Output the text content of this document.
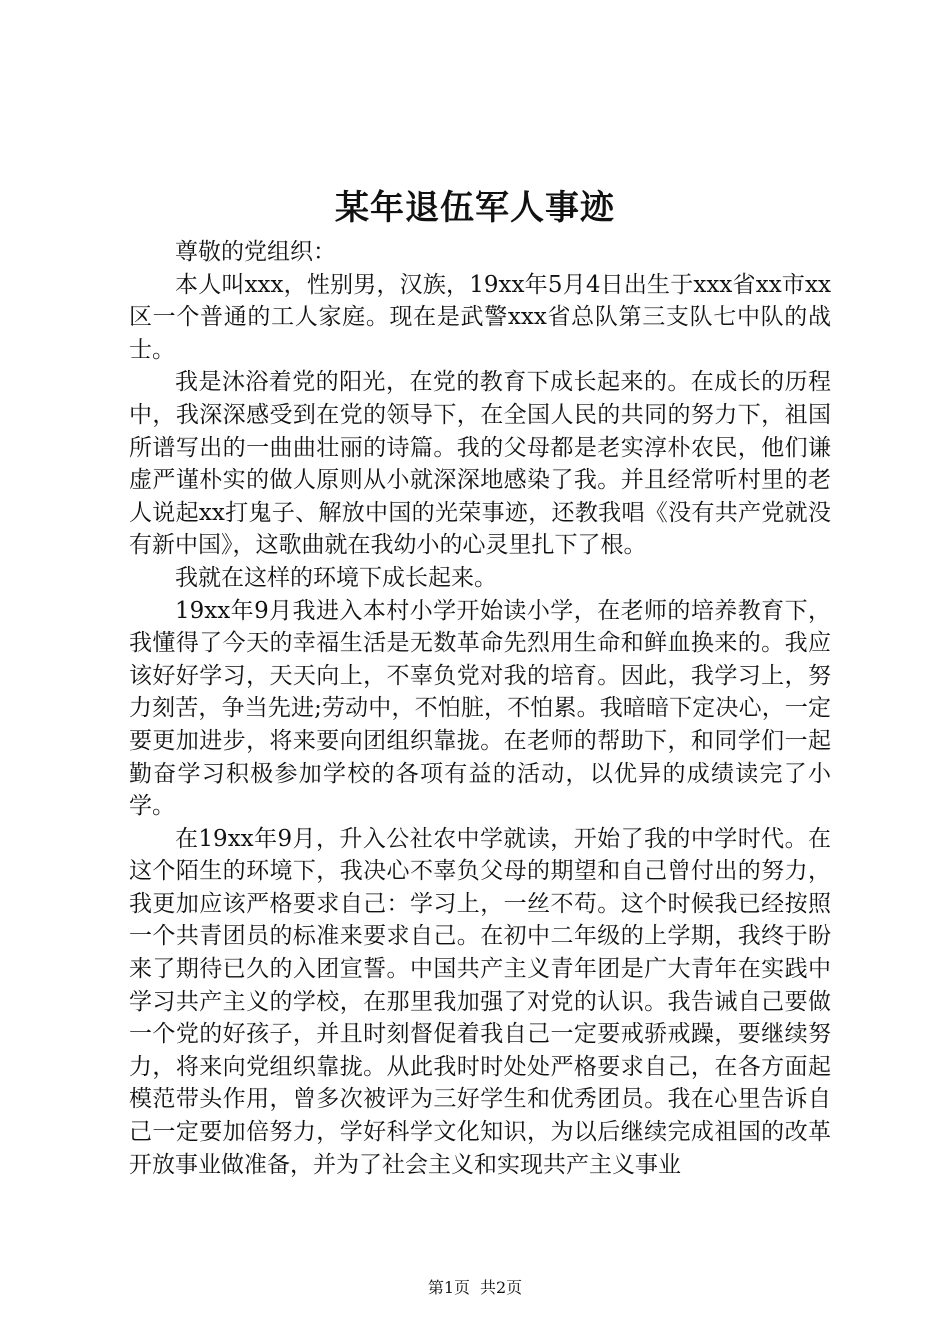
某年退伍军人事迹

尊敬的党组织：

本人叫xxx，性别男，汉族，19xx年5月4日出生于xxx省xx市xx区一个普通的工人家庭。现在是武警xxx省总队第三支队七中队的战士。

我是沐浴着党的阳光，在党的教育下成长起来的。在成长的历程中，我深深感受到在党的领导下，在全国人民的共同的努力下，祖国所谱写出的一曲曲壮丽的诗篇。我的父母都是老实淳朴农民，他们谦虚严谨朴实的做人原则从小就深深地感染了我。并且经常听村里的老人说起xx打鬼子、解放中国的光荣事迹，还教我唱《没有共产党就没有新中国》，这歌曲就在我幼小的心灵里扎下了根。

我就在这样的环境下成长起来。

19xx年9月我进入本村小学开始读小学，在老师的培养教育下，我懂得了今天的幸福生活是无数革命先烈用生命和鲜血换来的。我应该好好学习，天天向上，不辜负党对我的培育。因此，我学习上，努力刻苦，争当先进;劳动中，不怕脏，不怕累。我暗暗下定决心，一定要更加进步，将来要向团组织靠拢。在老师的帮助下，和同学们一起勤奋学习积极参加学校的各项有益的活动，以优异的成绩读完了小学。

在19xx年9月，升入公社农中学就读，开始了我的中学时代。在这个陌生的环境下，我决心不辜负父母的期望和自己曾付出的努力，我更加应该严格要求自己：学习上，一丝不苟。这个时候我已经按照一个共青团员的标准来要求自己。在初中二年级的上学期，我终于盼来了期待已久的入团宣誓。中国共产主义青年团是广大青年在实践中学习共产主义的学校，在那里我加强了对党的认识。我告诫自己要做一个党的好孩子，并且时刻督促着我自己一定要戒骄戒躁，要继续努力，将来向党组织靠拢。从此我时时处处严格要求自己，在各方面起模范带头作用，曾多次被评为三好学生和优秀团员。我在心里告诉自己一定要加倍努力，学好科学文化知识，为以后继续完成祖国的改革开放事业做准备，并为了社会主义和实现共产主义事业

第1页 共2页
